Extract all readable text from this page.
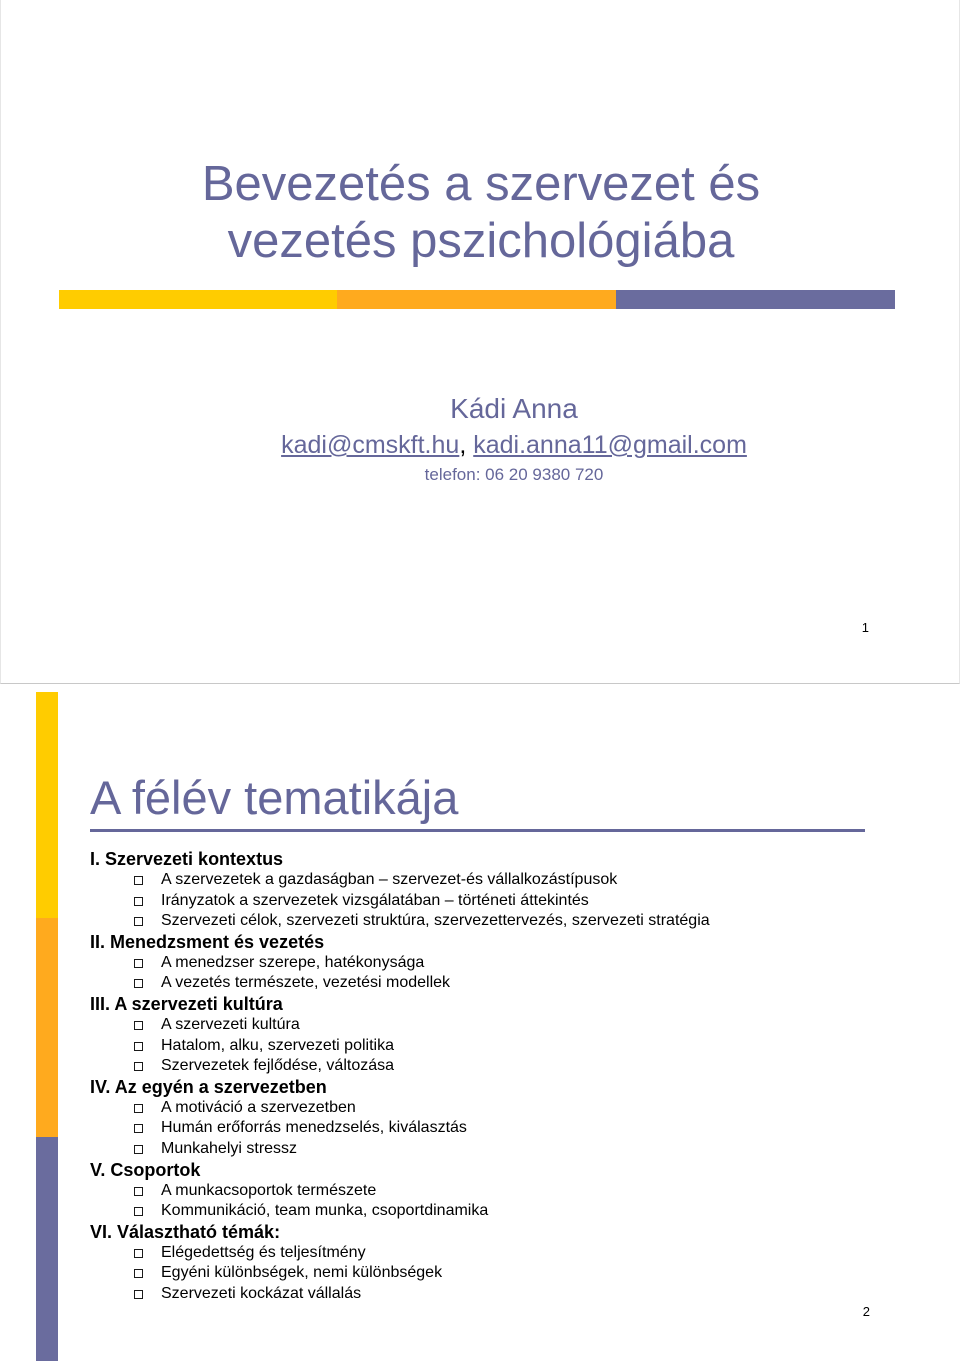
Bevezetés a szervezet és
vezetés pszichológiába
Kádi Anna
kadi@cmskft.hu, kadi.anna11@gmail.com
telefon: 06 20 9380 720
1
A félév tematikája
I. Szervezeti kontextus
A szervezetek a gazdaságban – szervezet-és vállalkozástípusok
Irányzatok a szervezetek vizsgálatában – történeti áttekintés
Szervezeti célok, szervezeti struktúra, szervezettervezés, szervezeti stratégia
II. Menedzsment és vezetés
A menedzser szerepe, hatékonysága
A vezetés természete, vezetési modellek
III. A szervezeti kultúra
A szervezeti kultúra
Hatalom, alku, szervezeti politika
Szervezetek fejlődése, változása
IV. Az egyén a szervezetben
A motiváció a szervezetben
Humán erőforrás menedzselés, kiválasztás
Munkahelyi stressz
V. Csoportok
A munkacsoportok természete
Kommunikáció, team munka, csoportdinamika
VI. Választható témák:
Elégedettség és teljesítmény
Egyéni különbségek, nemi különbségek
Szervezeti kockázat vállalás
2
